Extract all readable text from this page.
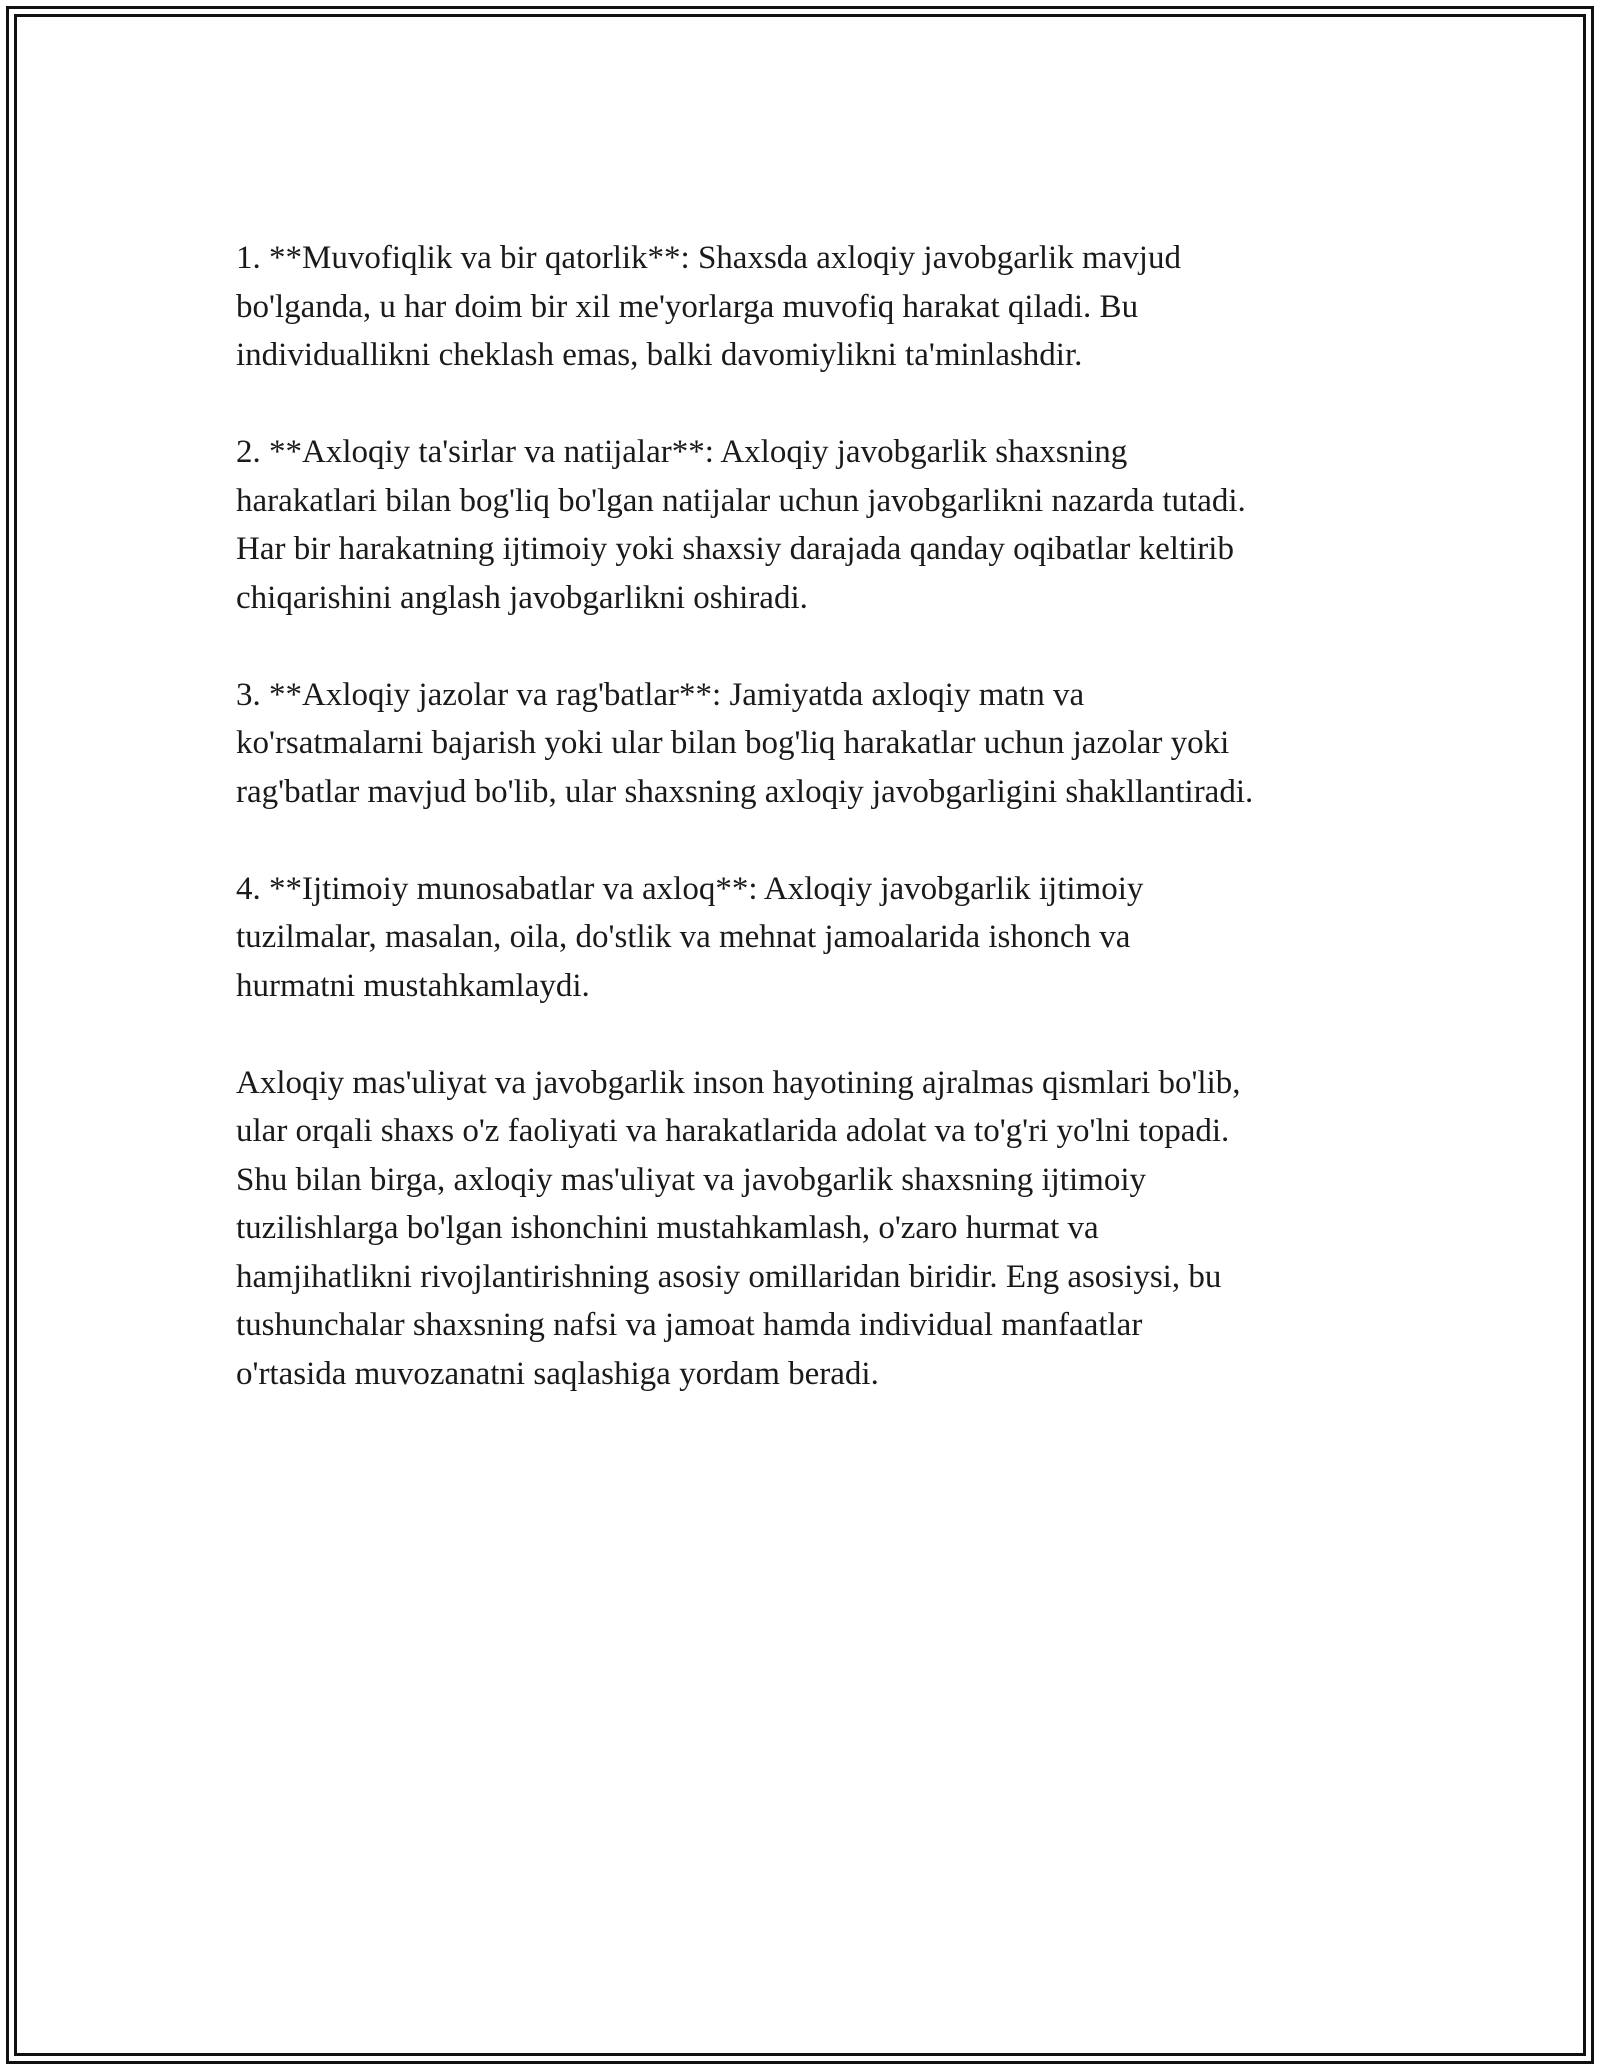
1. **Muvofiqlik va bir qatorlik**: Shaxsda axloqiy javobgarlik mavjud
bo'lganda, u har doim bir xil me'yorlarga muvofiq harakat qiladi. Bu
individuallikni cheklash emas, balki davomiylikni ta'minlashdir.

2. **Axloqiy ta'sirlar va natijalar**: Axloqiy javobgarlik shaxsning
harakatlari bilan bog'liq bo'lgan natijalar uchun javobgarlikni nazarda tutadi.
Har bir harakatning ijtimoiy yoki shaxsiy darajada qanday oqibatlar keltirib
chiqarishini anglash javobgarlikni oshiradi.

3. **Axloqiy jazolar va rag'batlar**: Jamiyatda axloqiy matn va
ko'rsatmalarni bajarish yoki ular bilan bog'liq harakatlar uchun jazolar yoki
rag'batlar mavjud bo'lib, ular shaxsning axloqiy javobgarligini shakllantiradi.

4. **Ijtimoiy munosabatlar va axloq**: Axloqiy javobgarlik ijtimoiy
tuzilmalar, masalan, oila, do'stlik va mehnat jamoalarida ishonch va
hurmatni mustahkamlaydi.

Axloqiy mas'uliyat va javobgarlik inson hayotining ajralmas qismlari bo'lib,
ular orqali shaxs o'z faoliyati va harakatlarida adolat va to'g'ri yo'lni topadi.
Shu bilan birga, axloqiy mas'uliyat va javobgarlik shaxsning ijtimoiy
tuzilishlarga bo'lgan ishonchini mustahkamlash, o'zaro hurmat va
hamjihatlikni rivojlantirishning asosiy omillaridan biridir. Eng asosiysi, bu
tushunchalar shaxsning nafsi va jamoat hamda individual manfaatlar
o'rtasida muvozanatni saqlashiga yordam beradi.
